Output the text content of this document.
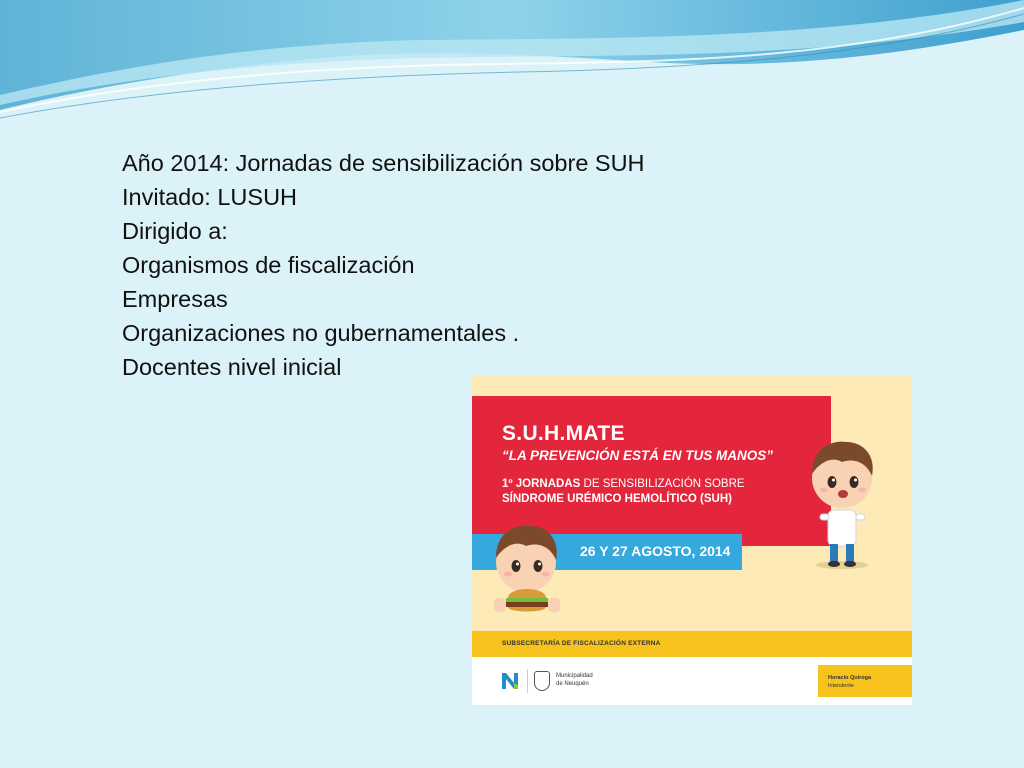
Año 2014: Jornadas de sensibilización sobre SUH
Invitado: LUSUH
Dirigido a:
Organismos de fiscalización
Empresas
Organizaciones no gubernamentales .
Docentes nivel inicial
S.U.H.MATE
“LA PREVENCIÓN ESTÁ EN TUS MANOS”
1º JORNADAS DE SENSIBILIZACIÓN SOBRE
SÍNDROME URÉMICO HEMOLÍTICO (SUH)
26 Y 27 AGOSTO, 2014
SUBSECRETARÍA DE FISCALIZACIÓN EXTERNA
Municipalidad
de Neuquén
Horacio Quiroga
Intendente
